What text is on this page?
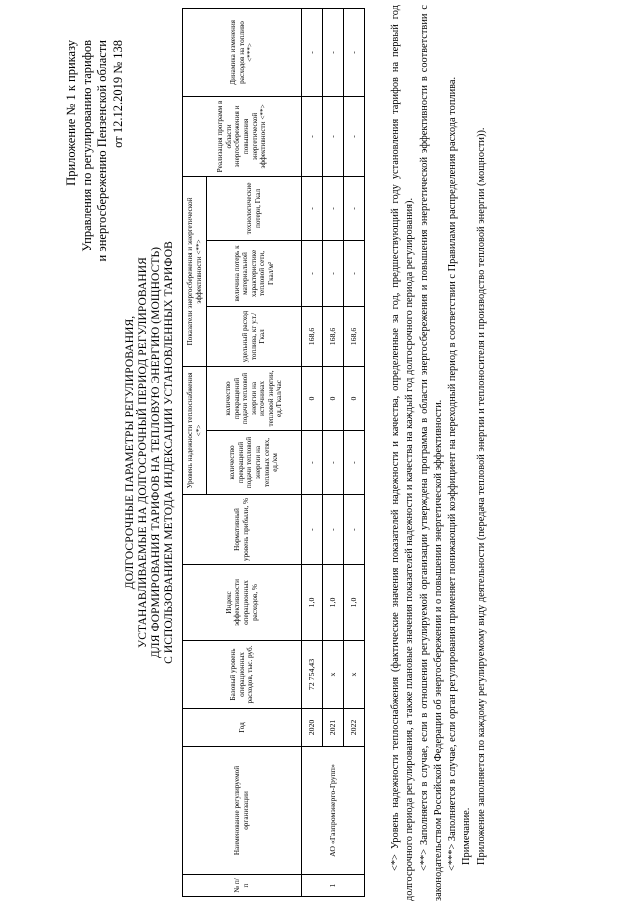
Приложение № 1 к приказу Управления по регулированию тарифов и энергосбережению Пензенской области от 12.12.2019 № 138
ДОЛГОСРОЧНЫЕ ПАРАМЕТРЫ РЕГУЛИРОВАНИЯ, УСТАНАВЛИВАЕМЫЕ НА ДОЛГОСРОЧНЫЙ ПЕРИОД РЕГУЛИРОВАНИЯ ДЛЯ ФОРМИРОВАНИЯ ТАРИФОВ НА ТЕПЛОВУЮ ЭНЕРГИЮ (МОЩНОСТЬ) С ИСПОЛЬЗОВАНИЕМ МЕТОДА ИНДЕКСАЦИИ УСТАНОВЛЕННЫХ ТАРИФОВ
№ п/п	Наименование регулируемой организации	Год	Базовый уровень операционных расходов, тыс. руб.	Индекс эффективности операционных расходов, %	Нормативный уровень прибыли, %	Уровень надежности теплоснабжения <*>		Показатели энергосбережения и энергетической эффективности <**>			Реализация программ в области энергосбережения и повышения энергетической эффективности <**>	Динамика изменения расходов на топливо <***>
						количество прекращений подачи тепловой энергии на тепловых сетях, ед./км	количество прекращений подачи тепловой энергии на источниках тепловой энергии, ед./Гкал/час	удельный расход топлива, кг у.т./Гкал	величина потерь к материальной характеристике тепловой сети, Гкал/м²	технологические потери, Гкал		
1	АО «Газпромэнерго-Групп»	2020	72 754,43	1,0	-	-	0	168,6	-	-	-	-
		2021	х	1,0	-	-	0	168,6	-	-	-	-
		2022	х	1,0	-	-	0	168,6	-	-	-	-	<*> Уровень надежности теплоснабжения (фактические значения показателей надежности и качества, определенные за год, предшествующий году установления тарифов на первый год долгосрочного периода регулирования, а также плановые значения показателей надежности и качества на каждый год долгосрочного периода регулирования). <**> Заполняется в случае, если в отношении регулируемой организации утверждена программа в области энергосбережения и повышения энергетической эффективности в соответствии с законодательством Российской Федерации об энергосбережении и о повышении энергетической эффективности. <***> Заполняется в случае, если орган регулирования применяет понижающий коэффициент на переходный период в соответствии с Правилами распределения расхода топлива. Примечание. Приложение заполняется по каждому регулируемому виду деятельности (передача тепловой энергии и теплоносителя и производство тепловой энергии (мощности)).
